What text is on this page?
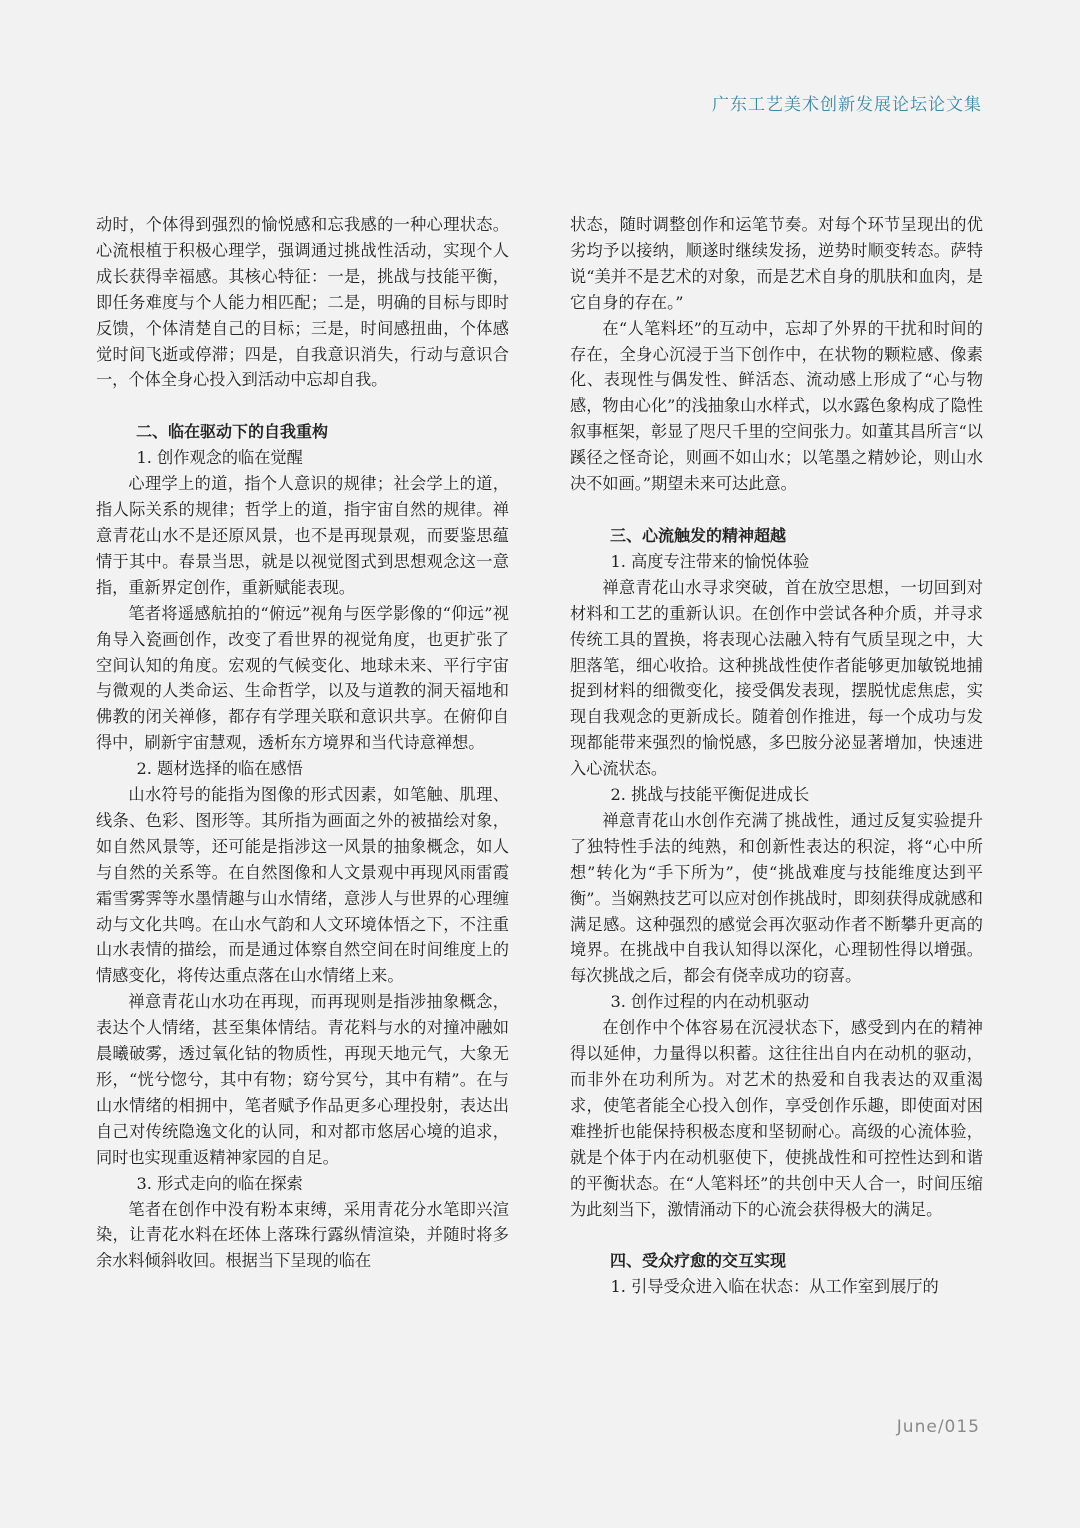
广东工艺美术创新发展论坛论文集

动时，个体得到强烈的愉悦感和忘我感的一种心理状态。心流根植于积极心理学，强调通过挑战性活动，实现个人成长获得幸福感。其核心特征：一是，挑战与技能平衡，即任务难度与个人能力相匹配；二是，明确的目标与即时反馈，个体清楚自己的目标；三是，时间感扭曲，个体感觉时间飞逝或停滞；四是，自我意识消失，行动与意识合一，个体全身心投入到活动中忘却自我。

二、临在驱动下的自我重构

1. 创作观念的临在觉醒

心理学上的道，指个人意识的规律；社会学上的道，指人际关系的规律；哲学上的道，指宇宙自然的规律。禅意青花山水不是还原风景，也不是再现景观，而要鉴思蕴情于其中。春景当思，就是以视觉图式到思想观念这一意指，重新界定创作，重新赋能表现。

笔者将遥感航拍的“俯远”视角与医学影像的“仰远”视角导入瓷画创作，改变了看世界的视觉角度，也更扩张了空间认知的角度。宏观的气候变化、地球未来、平行宇宙与微观的人类命运、生命哲学，以及与道教的洞天福地和佛教的闭关禅修，都存有学理关联和意识共享。在俯仰自得中，刷新宇宙慧观，透析东方境界和当代诗意禅想。

2. 题材选择的临在感悟

山水符号的能指为图像的形式因素，如笔触、肌理、线条、色彩、图形等。其所指为画面之外的被描绘对象，如自然风景等，还可能是指涉这一风景的抽象概念，如人与自然的关系等。在自然图像和人文景观中再现风雨雷霞霜雪雾霁等水墨情趣与山水情绪，意涉人与世界的心理缠动与文化共鸣。在山水气韵和人文环境体悟之下，不注重山水表情的描绘，而是通过体察自然空间在时间维度上的情感变化，将传达重点落在山水情绪上来。

禅意青花山水功在再现，而再现则是指涉抽象概念，表达个人情绪，甚至集体情结。青花料与水的对撞冲融如晨曦破雾，透过氧化钴的物质性，再现天地元气，大象无形，“恍兮惚兮，其中有物；窈兮冥兮，其中有精”。在与山水情绪的相拥中，笔者赋予作品更多心理投射，表达出自己对传统隐逸文化的认同，和对都市悠居心境的追求，同时也实现重返精神家园的自足。

3. 形式走向的临在探索

笔者在创作中没有粉本束缚，采用青花分水笔即兴渲染，让青花水料在坯体上落珠行露纵情渲染，并随时将多余水料倾斜收回。根据当下呈现的临在

状态，随时调整创作和运笔节奏。对每个环节呈现出的优劣均予以接纳，顺遂时继续发扬，逆势时顺变转态。萨特说“美并不是艺术的对象，而是艺术自身的肌肤和血肉，是它自身的存在。”

在“人笔料坯”的互动中，忘却了外界的干扰和时间的存在，全身心沉浸于当下创作中，在状物的颗粒感、像素化、表现性与偶发性、鲜活态、流动感上形成了“心与物感，物由心化”的浅抽象山水样式，以水露色象构成了隐性叙事框架，彰显了咫尺千里的空间张力。如董其昌所言“以蹊径之怪奇论，则画不如山水；以笔墨之精妙论，则山水决不如画。”期望未来可达此意。

三、心流触发的精神超越

1. 高度专注带来的愉悦体验

禅意青花山水寻求突破，首在放空思想，一切回到对材料和工艺的重新认识。在创作中尝试各种介质，并寻求传统工具的置换，将表现心法融入特有气质呈现之中，大胆落笔，细心收拾。这种挑战性使作者能够更加敏锐地捕捉到材料的细微变化，接受偶发表现，摆脱忧虑焦虑，实现自我观念的更新成长。随着创作推进，每一个成功与发现都能带来强烈的愉悦感，多巴胺分泌显著增加，快速进入心流状态。

2. 挑战与技能平衡促进成长

禅意青花山水创作充满了挑战性，通过反复实验提升了独特性手法的纯熟，和创新性表达的积淀，将“心中所想”转化为“手下所为”，使“挑战难度与技能维度达到平衡”。当娴熟技艺可以应对创作挑战时，即刻获得成就感和满足感。这种强烈的感觉会再次驱动作者不断攀升更高的境界。在挑战中自我认知得以深化，心理韧性得以增强。每次挑战之后，都会有侥幸成功的窃喜。

3. 创作过程的内在动机驱动

在创作中个体容易在沉浸状态下，感受到内在的精神得以延伸，力量得以积蓄。这往往出自内在动机的驱动，而非外在功利所为。对艺术的热爱和自我表达的双重渴求，使笔者能全心投入创作，享受创作乐趣，即使面对困难挫折也能保持积极态度和坚韧耐心。高级的心流体验，就是个体于内在动机驱使下，使挑战性和可控性达到和谐的平衡状态。在“人笔料坯”的共创中天人合一，时间压缩为此刻当下，激情涌动下的心流会获得极大的满足。

四、受众疗愈的交互实现

1. 引导受众进入临在状态：从工作室到展厅的

June/015
